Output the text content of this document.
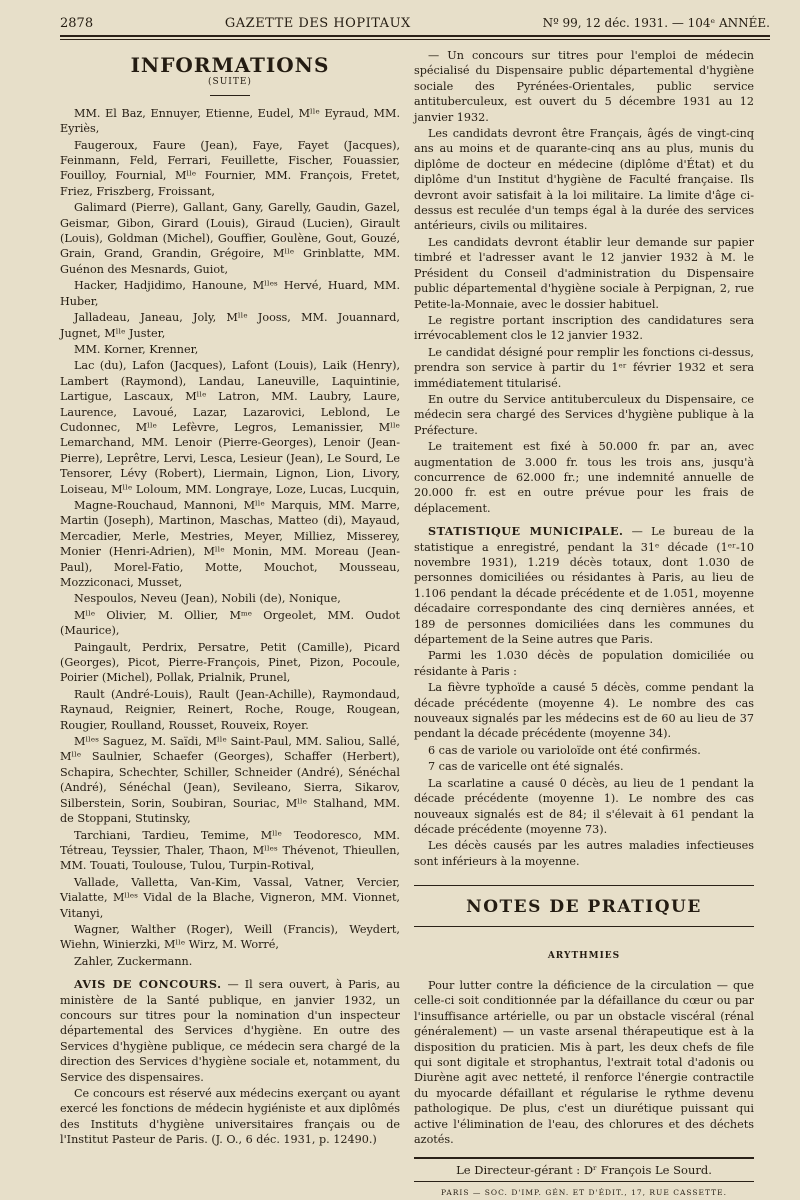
2878	GAZETTE DES HOPITAUX	Nº 99, 12 déc. 1931. — 104ᵉ ANNÉE.
INFORMATIONS
(SUITE)

MM. El Baz, Ennuyer, Etienne, Eudel, Mˡˡᵉ Eyraud, MM. Eyriès,

Faugeroux, Faure (Jean), Faye, Fayet (Jacques), Feinmann, Feld, Ferrari, Feuillette, Fischer, Fouassier, Fouilloy, Fournial, Mˡˡᵉ Fournier, MM. François, Fretet, Friez, Friszberg, Froissant,

Galimard (Pierre), Gallant, Gany, Garelly, Gaudin, Gazel, Geismar, Gibon, Girard (Louis), Giraud (Lucien), Girault (Louis), Goldman (Michel), Gouffier, Goulène, Gout, Gouzé, Grain, Grand, Grandin, Grégoire, Mˡˡᵉ Grinblatte, MM. Guénon des Mesnards, Guiot,

Hacker, Hadjidimo, Hanoune, Mˡˡᵉˢ Hervé, Huard, MM. Huber,

Jalladeau, Janeau, Joly, Mˡˡᵉ Jooss, MM. Jouannard, Jugnet, Mˡˡᵉ Juster,

MM. Korner, Krenner,

Lac (du), Lafon (Jacques), Lafont (Louis), Laik (Henry), Lambert (Raymond), Landau, Laneuville, Laquintinie, Lartigue, Lascaux, Mˡˡᵉ Latron, MM. Laubry, Laure, Laurence, Lavoué, Lazar, Lazarovici, Leblond, Le Cudonnec, Mˡˡᵉ Lefèvre, Legros, Lemanissier, Mˡˡᵉ Lemarchand, MM. Lenoir (Pierre-Georges), Lenoir (Jean-Pierre), Leprêtre, Lervi, Lesca, Lesieur (Jean), Le Sourd, Le Tensorer, Lévy (Robert), Liermain, Lignon, Lion, Livory, Loiseau, Mˡˡᵉ Loloum, MM. Longraye, Loze, Lucas, Lucquin,

Magne-Rouchaud, Mannoni, Mˡˡᵉ Marquis, MM. Marre, Martin (Joseph), Martinon, Maschas, Matteo (di), Mayaud, Mercadier, Merle, Mestries, Meyer, Milliez, Misserey, Monier (Henri-Adrien), Mˡˡᵉ Monin, MM. Moreau (Jean-Paul), Morel-Fatio, Motte, Mouchot, Mousseau, Mozziconaci, Musset,

Nespoulos, Neveu (Jean), Nobili (de), Nonique,

Mˡˡᵉ Olivier, M. Ollier, Mᵐᵉ Orgeolet, MM. Oudot (Maurice),

Paingault, Perdrix, Persatre, Petit (Camille), Picard (Georges), Picot, Pierre-François, Pinet, Pizon, Pocoule, Poirier (Michel), Pollak, Prialnik, Prunel,

Rault (André-Louis), Rault (Jean-Achille), Raymondaud, Raynaud, Reignier, Reinert, Roche, Rouge, Rougean, Rougier, Roulland, Rousset, Rouveix, Royer.

Mˡˡᵉˢ Saguez, M. Saïdi, Mˡˡᵉ Saint-Paul, MM. Saliou, Sallé, Mˡˡᵉ Saulnier, Schaefer (Georges), Schaffer (Herbert), Schapira, Schechter, Schiller, Schneider (André), Sénéchal (André), Sénéchal (Jean), Sevileano, Sierra, Sikarov, Silberstein, Sorin, Soubiran, Souriac, Mˡˡᵉ Stalhand, MM. de Stoppani, Stutinsky,

Tarchiani, Tardieu, Temime, Mˡˡᵉ Teodoresco, MM. Tétreau, Teyssier, Thaler, Thaon, Mˡˡᵉˢ Thévenot, Thieullen, MM. Touati, Toulouse, Tulou, Turpin-Rotival,

Vallade, Valletta, Van-Kim, Vassal, Vatner, Vercier, Vialatte, Mˡˡᵉˢ Vidal de la Blache, Vigneron, MM. Vionnet, Vitanyi,

Wagner, Walther (Roger), Weill (Francis), Weydert, Wiehn, Winierzki, Mˡˡᵉ Wirz, M. Worré,

Zahler, Zuckermann.

AVIS DE CONCOURS. — Il sera ouvert, à Paris, au ministère de la Santé publique, en janvier 1932, un concours sur titres pour la nomination d'un inspecteur départemental des Services d'hygiène. En outre des Services d'hygiène publique, ce médecin sera chargé de la direction des Services d'hygiène sociale et, notamment, du Service des dispensaires.

Ce concours est réservé aux médecins exerçant ou ayant exercé les fonctions de médecin hygiéniste et aux diplômés des Instituts d'hygiène universitaires français ou de l'Institut Pasteur de Paris. (J. O., 6 déc. 1931, p. 12490.)

— Un concours sur titres pour l'emploi de médecin spécialisé du Dispensaire public départemental d'hygiène sociale des Pyrénées-Orientales, public service antituberculeux, est ouvert du 5 décembre 1931 au 12 janvier 1932.

Les candidats devront être Français, âgés de vingt-cinq ans au moins et de quarante-cinq ans au plus, munis du diplôme de docteur en médecine (diplôme d'État) et du diplôme d'un Institut d'hygiène de Faculté française. Ils devront avoir satisfait à la loi militaire. La limite d'âge ci-dessus est reculée d'un temps égal à la durée des services antérieurs, civils ou militaires.

Les candidats devront établir leur demande sur papier timbré et l'adresser avant le 12 janvier 1932 à M. le Président du Conseil d'administration du Dispensaire public départemental d'hygiène sociale à Perpignan, 2, rue Petite-la-Monnaie, avec le dossier habituel.

Le registre portant inscription des candidatures sera irrévocablement clos le 12 janvier 1932.

Le candidat désigné pour remplir les fonctions ci-dessus, prendra son service à partir du 1ᵉʳ février 1932 et sera immédiatement titularisé.

En outre du Service antituberculeux du Dispensaire, ce médecin sera chargé des Services d'hygiène publique à la Préfecture.

Le traitement est fixé à 50.000 fr. par an, avec augmentation de 3.000 fr. tous les trois ans, jusqu'à concurrence de 62.000 fr.; une indemnité annuelle de 20.000 fr. est en outre prévue pour les frais de déplacement.

STATISTIQUE MUNICIPALE. — Le bureau de la statistique a enregistré, pendant la 31ᵉ décade (1ᵉʳ-10 novembre 1931), 1.219 décès totaux, dont 1.030 de personnes domiciliées ou résidantes à Paris, au lieu de 1.106 pendant la décade précédente et de 1.051, moyenne décadaire correspondante des cinq dernières années, et 189 de personnes domiciliées dans les communes du département de la Seine autres que Paris.

Parmi les 1.030 décès de population domiciliée ou résidante à Paris :

La fièvre typhoïde a causé 5 décès, comme pendant la décade précédente (moyenne 4). Le nombre des cas nouveaux signalés par les médecins est de 60 au lieu de 37 pendant la décade précédente (moyenne 34).

6 cas de variole ou varioloïde ont été confirmés.

7 cas de varicelle ont été signalés.

La scarlatine a causé 0 décès, au lieu de 1 pendant la décade précédente (moyenne 1). Le nombre des cas nouveaux signalés est de 84; il s'élevait à 61 pendant la décade précédente (moyenne 73).

Les décès causés par les autres maladies infectieuses sont inférieurs à la moyenne.

NOTES DE PRATIQUE
ARYTHMIES

Pour lutter contre la déficience de la circulation — que celle-ci soit conditionnée par la défaillance du cœur ou par l'insuffisance artérielle, ou par un obstacle viscéral (rénal généralement) — un vaste arsenal thérapeutique est à la disposition du praticien. Mis à part, les deux chefs de file qui sont digitale et strophantus, l'extrait total d'adonis ou Diurène agit avec netteté, il renforce l'énergie contractile du myocarde défaillant et régularise le rythme devenu pathologique. De plus, c'est un diurétique puissant qui active l'élimination de l'eau, des chlorures et des déchets azotés.

Le Directeur-gérant : Dʳ François Le Sourd.
PARIS — SOC. D'IMP. GÉN. ET D'ÉDIT., 17, RUE CASSETTE.
